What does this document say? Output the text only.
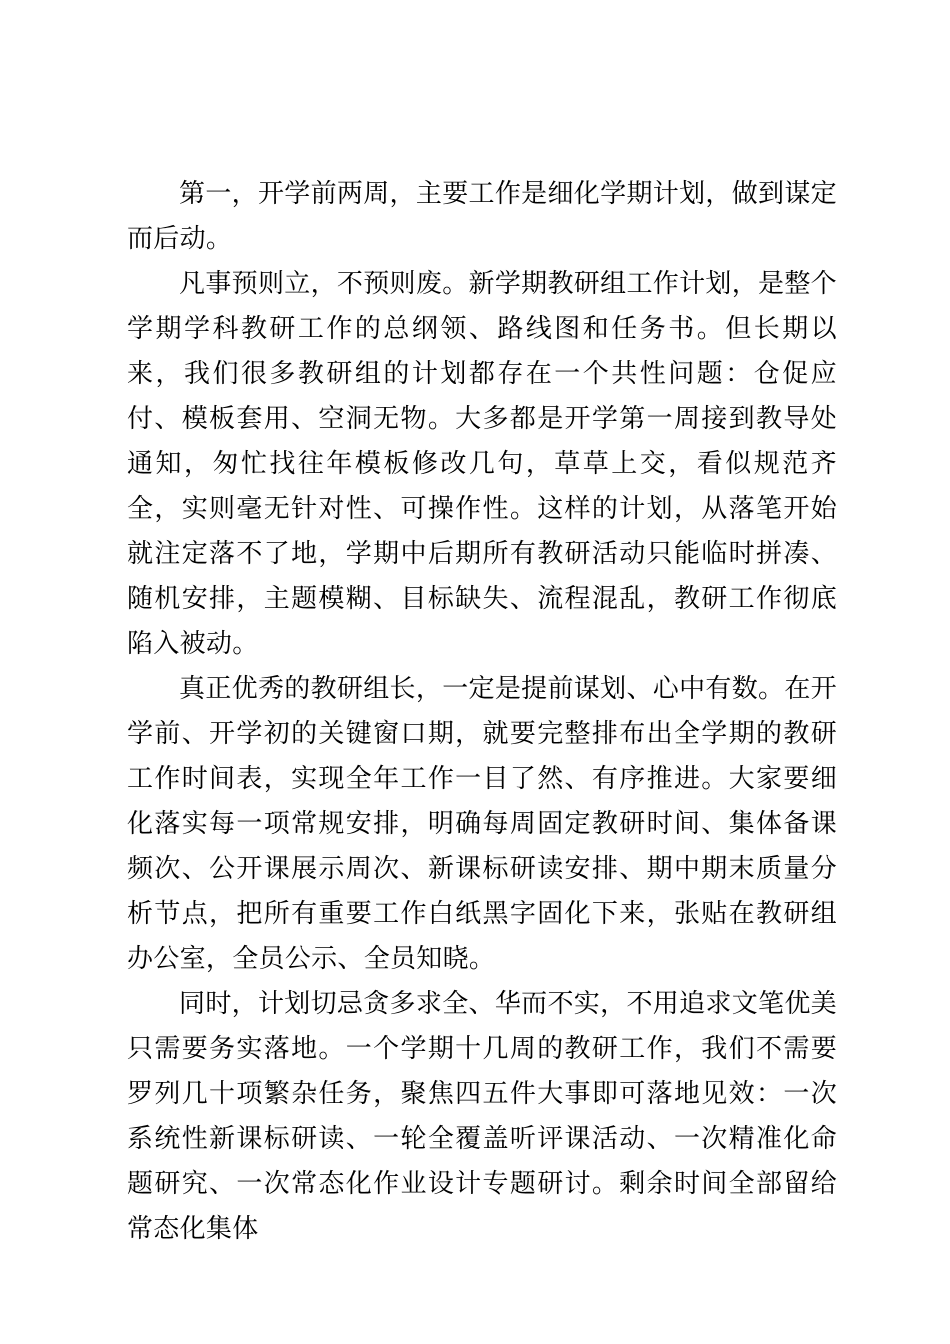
第一，开学前两周，主要工作是细化学期计划，做到谋定而后动。

凡事预则立，不预则废。新学期教研组工作计划，是整个学期学科教研工作的总纲领、路线图和任务书。但长期以来，我们很多教研组的计划都存在一个共性问题：仓促应付、模板套用、空洞无物。大多都是开学第一周接到教导处通知，匆忙找往年模板修改几句，草草上交，看似规范齐全，实则毫无针对性、可操作性。这样的计划，从落笔开始就注定落不了地，学期中后期所有教研活动只能临时拼凑、随机安排，主题模糊、目标缺失、流程混乱，教研工作彻底陷入被动。

真正优秀的教研组长，一定是提前谋划、心中有数。在开学前、开学初的关键窗口期，就要完整排布出全学期的教研工作时间表，实现全年工作一目了然、有序推进。大家要细化落实每一项常规安排，明确每周固定教研时间、集体备课频次、公开课展示周次、新课标研读安排、期中期末质量分析节点，把所有重要工作白纸黑字固化下来，张贴在教研组办公室，全员公示、全员知晓。

同时，计划切忌贪多求全、华而不实，不用追求文笔优美只需要务实落地。一个学期十几周的教研工作，我们不需要罗列几十项繁杂任务，聚焦四五件大事即可落地见效：一次系统性新课标研读、一轮全覆盖听评课活动、一次精准化命题研究、一次常态化作业设计专题研讨。剩余时间全部留给常态化集体
